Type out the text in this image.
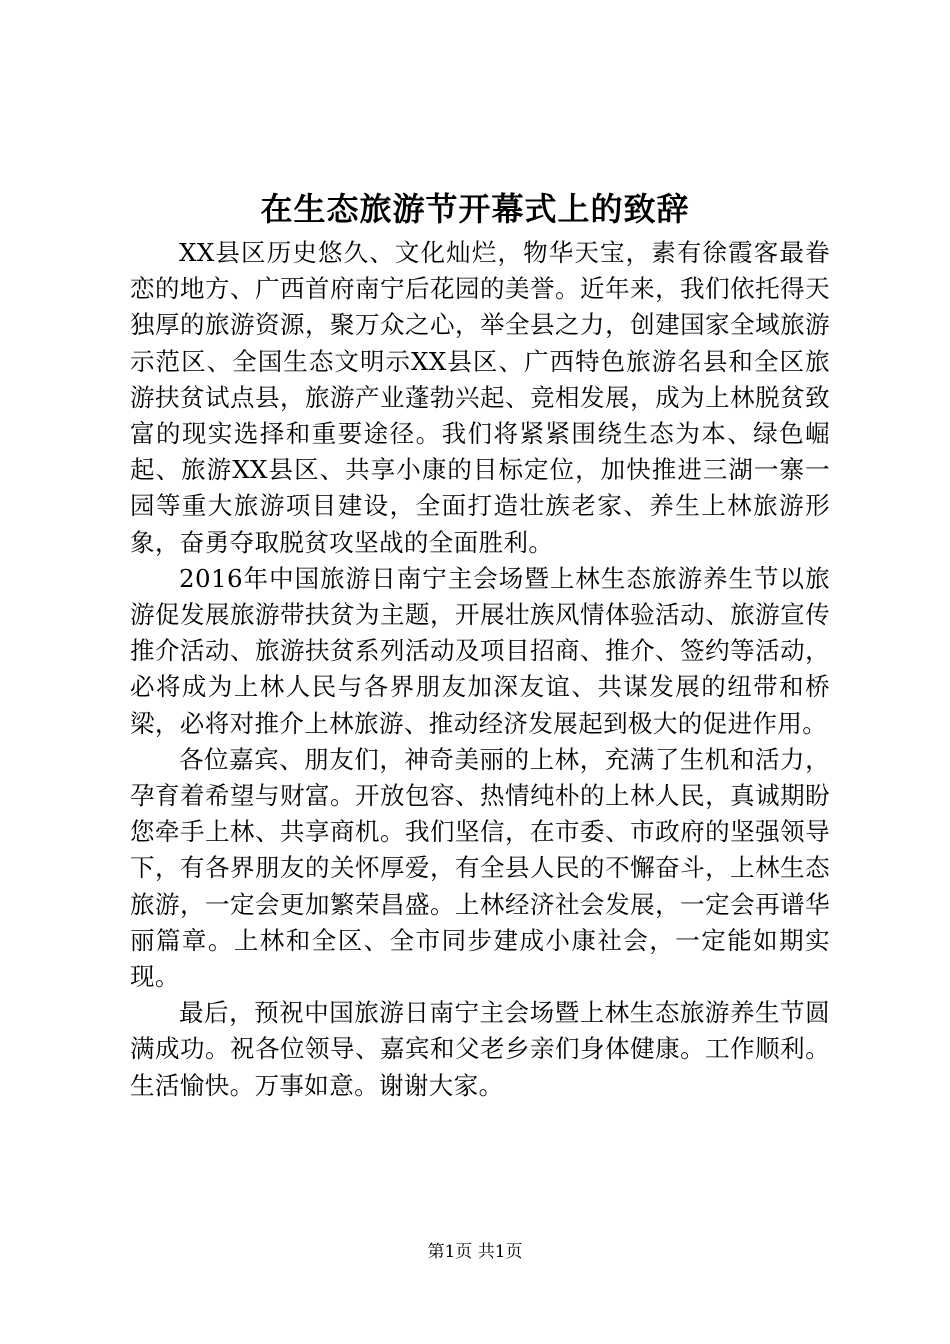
在生态旅游节开幕式上的致辞

XX县区历史悠久、文化灿烂，物华天宝，素有徐霞客最眷恋的地方、广西首府南宁后花园的美誉。近年来，我们依托得天独厚的旅游资源，聚万众之心，举全县之力，创建国家全域旅游示范区、全国生态文明示XX县区、广西特色旅游名县和全区旅游扶贫试点县，旅游产业蓬勃兴起、竞相发展，成为上林脱贫致富的现实选择和重要途径。我们将紧紧围绕生态为本、绿色崛起、旅游XX县区、共享小康的目标定位，加快推进三湖一寨一园等重大旅游项目建设，全面打造壮族老家、养生上林旅游形象，奋勇夺取脱贫攻坚战的全面胜利。

2016年中国旅游日南宁主会场暨上林生态旅游养生节以旅游促发展旅游带扶贫为主题，开展壮族风情体验活动、旅游宣传推介活动、旅游扶贫系列活动及项目招商、推介、签约等活动，必将成为上林人民与各界朋友加深友谊、共谋发展的纽带和桥梁，必将对推介上林旅游、推动经济发展起到极大的促进作用。

各位嘉宾、朋友们，神奇美丽的上林，充满了生机和活力，孕育着希望与财富。开放包容、热情纯朴的上林人民，真诚期盼您牵手上林、共享商机。我们坚信，在市委、市政府的坚强领导下，有各界朋友的关怀厚爱，有全县人民的不懈奋斗，上林生态旅游，一定会更加繁荣昌盛。上林经济社会发展，一定会再谱华丽篇章。上林和全区、全市同步建成小康社会，一定能如期实现。

最后，预祝中国旅游日南宁主会场暨上林生态旅游养生节圆满成功。祝各位领导、嘉宾和父老乡亲们身体健康。工作顺利。生活愉快。万事如意。谢谢大家。

第1页 共1页
